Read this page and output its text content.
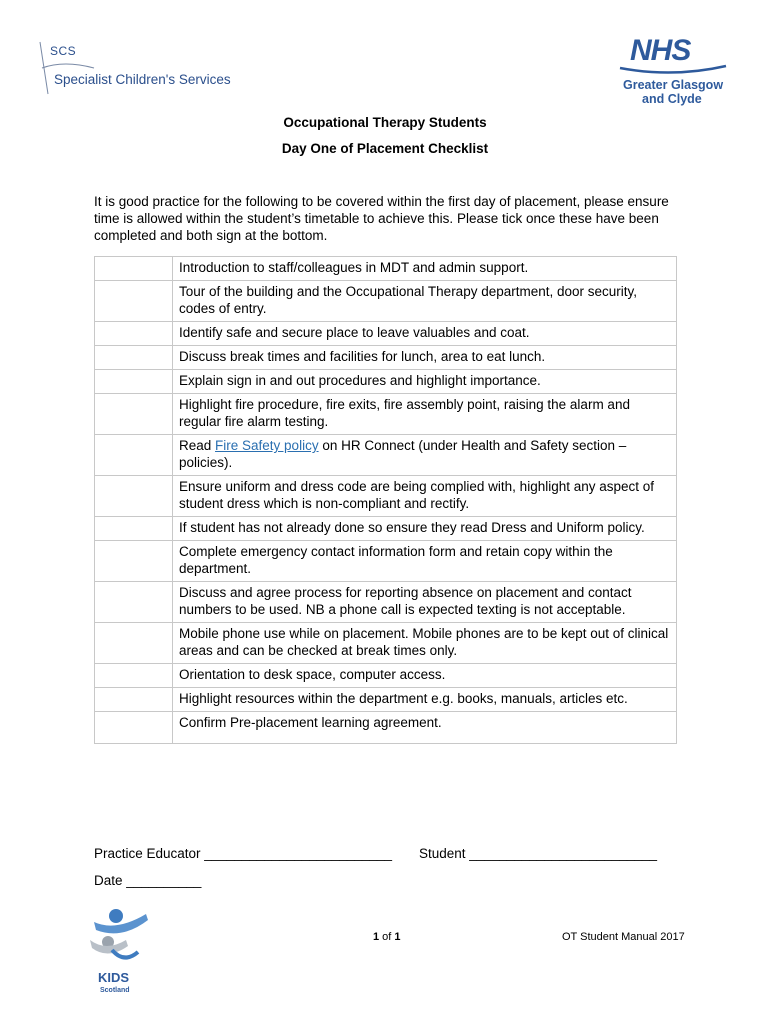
SCS
Specialist Children's Services
NHS
Greater Glasgow
and Clyde
Occupational Therapy Students
Day One of Placement Checklist
It is good practice for the following to be covered within the first day of placement, please ensure time is allowed within the student’s timetable to achieve this. Please tick once these have been completed and both sign at the bottom.
	Introduction to staff/colleagues in MDT and admin support.
	Tour of the building and the Occupational Therapy department, door security, codes of entry.
	Identify safe and secure place to leave valuables and coat.
	Discuss break times and facilities for lunch, area to eat lunch.
	Explain sign in and out procedures and highlight importance.
	Highlight fire procedure, fire exits, fire assembly point, raising the alarm and regular fire alarm testing.
	Read Fire Safety policy on HR Connect (under Health and Safety section – policies).
	Ensure uniform and dress code are being complied with, highlight any aspect of student dress which is non-compliant and rectify.
	If student has not already done so ensure they read Dress and Uniform policy.
	Complete emergency contact information form and retain copy within the department.
	Discuss and agree process for reporting absence on placement and contact numbers to be used. NB a phone call is expected texting is not acceptable.
	Mobile phone use while on placement. Mobile phones are to be kept out of clinical areas and can be checked at break times only.
	Orientation to desk space, computer access.
	Highlight resources within the department e.g. books, manuals, articles etc.
	Confirm Pre-placement learning agreement.
Practice Educator _________________________ Student _________________________
Date __________
KIDS
Scotland
1 of 1	OT Student Manual 2017
